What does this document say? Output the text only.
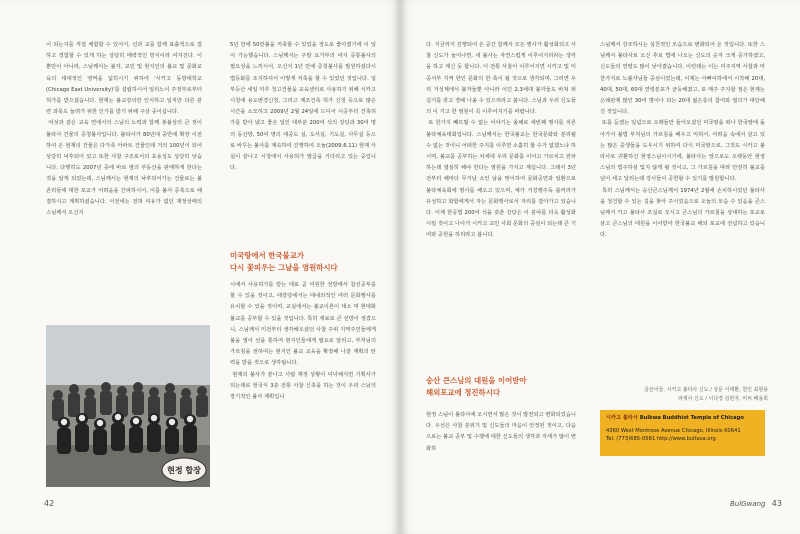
이 되는지를 직접 체험할 수 있어서, 선과 교를 함께 표출적으로 접하고 경험할 수 있게 하는 상당히 매력적인 방식이라 여겨진다. 이 뿐만이 아니라, 스님께서는 불자, 교민 및 현지인의 불교 및 문화교육의 대대적인 영역을 넓히시기 위하여 '시카고 동방대학교(Chicago East University)'를 설립하시어 일리노이 주정부로부터 허가를 받으셨습니다. 현재는 불교강의만 인식하고 일직만 다른 관련 과목도 늘려가 위한 인가를 받기 위해 구상 중이십니다.
여섯과 같은 교육 면에서의 스님의 노력과 함께 봉불상의 큰 것이 불타사 건물의 증청불사입니다. 불타사가 80년대 중반에 확장 이전하여 온 현재의 건물은 다가족 아파트 건물인데 거의 100년이 되어 상당히 낙후되어 있고 또한 사찰 구조로서의 효용성도 상당히 낮습니다. 다행히도 2007년 중에 바로 옆의 부동산을 판매하게 한다는 것을 알게 되었는데, 스님께서는 현재의 낙후되어가는 건물로는 불존리들에 대한 포교가 어려움을 간파하시어, 이를 불사 증축으로 해결하시고 계획하셨습니다. 이전에는 전혀 여유가 없던 재정상태의 스님께서 오신지

5년 만에 50만불을 저축할 수 있었을 정도로 좋아졌기에 이 일이 가능했습니다. 스님께서는 주말 요가부의 여지 증통불사의 필요성을 느끼시어, 오신지 1년 만에 증청불사를 발원하셨다시 법등화를 조지하셔서 이렇게 저축을 할 수 있었던 것입니다. 일부등산 세일 미루 청고건물을 교육센터로 사용하기 위해 시카고 시청에 용도변경신청, 그리고 계조건축 허가 신청 등으로 많은 시간을 소모하고 2009년 2월 24일에 드디어 시공부터 건축허가를 받아 냈고 좋은 일인 대부분 200여 석의 강당과 30여 명의 동산방, 50여 명의 대중도 실, 도서실, 기도실, 사무실 등으로 바꾸는 불사를 계속하여 진행하여 오늘(2009.6.11) 현재 사실이 끝나고 시청에서 사용허가 발급을 기다리고 있는 중입니다.

미국땅에서 한국불교가
다시 꽃피우는 그날을 염원하시다

시에서 사용허가를 받는 대로 곧 여원한 선방에서 참선공부를 할 수 있을 것이고, 대강당에서는 대내외적인 여러 문화행사를 유치할 수 있을 것이며, 교실에서는 불교이론이 대소 며 현대화 불교를 공부할 수 있을 것입니다. 특히 재료로 큰 선방이 생겼으니, 스님께서 미전부터 생각해오셨던 사찰 주위 지역주민들에게 불을 열어 선을 통하여 현지인들에게 필요로 알리고, 부처님의 가르침을 전하여는 현지인 불교 교육을 확장해 나갈 계획의 탄력을 받을 것으로 생각됩니다.
현재의 불사가 끝나고 사람 재정 상황이 넉넉해지면 기획사가 되는데로 현국식 3층 전통 사찰 신축을 하는 것이 우리 스님의 장기적인 불사 계획입니

현정 합장
42

다. 지금까지 진행되어 온 공간 함께서 모든 행사가 활성화되고 사찰 신도가 늘어나면, 새 불사는 자연스럽게 이루어지리라는 생각을 하고 계신 듯 합니다. 이 전통 사찰이 이루어지면 시카고 및 미 중서부 지역 한인 문화의 한 축이 될 것으로 생각되며, 그러면 우리 거성계에서 불자들뿐 아니라 이민 2,3세대 불자들도 바쳐 위 길기를 갖고 경배 나올 수 있으리라고 봅니다. 스님과 우리 신도들의 이 기고 한 염원이 꼭 이루어지기를 바랍니다.
또 한가지 빼뜨릴 수 없는 이야기는 올해로 세번째 행사를 치른 불타체육대회입니다. 스님께서는 한국불교는 한국문화와 분리될 수 없는 것이니 어떠한 주지를 이루면 소홀히 할 수가 없겠노냐 하시며, 불교를 공부하는 차세대 우리 문화를 이어고 가르치고 전파하는데 열심히 해야 한다는 염원을 가지고 계십니다. 그래서 3년 전부터 해마다 무거남 소인 남을 맞이하여 문화공연과 일환으로 불타체육회에 명사를 해오고 있으며, 체가 거칭행주독 블커리가 유성하고 화합에게서 자는 문화행사로서 자리를 잡아가고 있습니다. 이제 한공법 200여 석을 갖춘 강당은 이 분야를 더욱 활성화 시킬 것이고 나아가 시카고 교민 사회 문화의 중심이 되는데 큰 기여와 공헌을 하리라고 봅니다.

숭산 큰스님의 대원을 이어받아
해외포교에 정진하시다

현정 스님이 불타사에 오시면서 많은 것이 발전되고 변화되었습니다. 우선은 사찰 분위기 및 신도들의 마음이 안정된 것이고, 다음으로는 불교 공부 및 수행에 대한 신도들의 생각과 자세가 많이 변화하

스님께서 강조하시는 실천적인 모습으로 변화되어 온 것입니다. 또한 스님께서 불타사로 오신 후로 법에 나오는 신도의 숫자 크게 증가하였고, 신도들의 연령도 많이 낮아졌습니다. 이런데는 이는 미주지역 사찰과 마찬가지로 노불자님들 중심이었는데, 이제는 아빠이하에서 시작해 20대, 40대, 50대, 60대 연령분포가 균등해졌고, 또 매주 주지할 점은 현재는 은왜관제 많인 30여 명이나 되는 20대 젊은층의 참여와 열의가 대단해진 것입니다.
또를 듣겠는 일념으로 오래들만 들어오셨던 미국땅을 떠나 한국땅에 돌아가서 불법 부처님의 가르침을 배우고 익혀서, 어려움 속에서 살고 있는 많은 중생들을 도우시기 위하여 다시 미국땅으로, 그것도 시카고 불타사로 귀환하신 현정스님이시기에, 불타사는 앞으로도 오랫동안 현정 스님의 법주하심 및지 않게 될 것이고, 그 가르침을 따라 안전히 불교를 넘어 세고 달리는데 강사들이 공헌할 수 있기를 발원합니다.
특히 스님께서는 숭산큰스님께서 1974년 2월에 손치하시었던 불타사을 청건할 수 있는 길을 찾아 주시었음으로 오늘의 모습 수 있음을 큰스님께서 카고 불타사 조실로 모시고 큰스님의 가르침을 상대하는 포교로 삼고 큰스님의 대원을 이어받아 한국불교 해외 포교에 전념하고 있습니다.

글쓴이들. 시카고 불타사 신도 / 상문 이태환, 원인 최현용
파계사 신도 / 이다경 김현자, 미씨 배용희
시카고 불타사 Bulkwa Buddhist Temple of Chicago
4360 West Montrose Avenue Chicago, Illinois 60641
Tel. (773)685-0581 http://www.bultasa.org
BulGwang 43
